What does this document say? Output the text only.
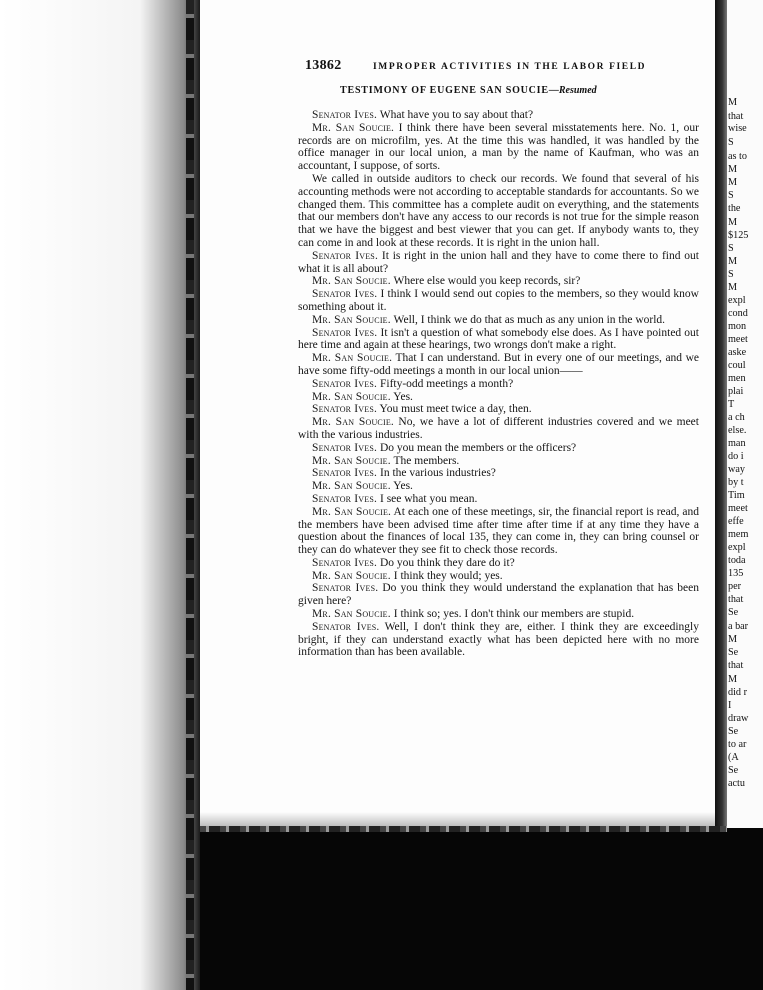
M
that
wise
S
as to
M
M
S
the
M
$125
S
M
S
M
expl
cond
mon
meet
aske
coul
men
plai
T
a ch
else.
man
do i
way
by t
Tim
meet
effe
mem
expl
toda
135
per
that
Se
a bar
M
Se
that
M
did r
I
draw
Se
to ar
(A
Se
actu
13862	IMPROPER ACTIVITIES IN THE LABOR FIELD
TESTIMONY OF EUGENE SAN SOUCIE—Resumed

Senator Ives. What have you to say about that?

Mr. San Soucie. I think there have been several misstatements here. No. 1, our records are on microfilm, yes. At the time this was handled, it was handled by the office manager in our local union, a man by the name of Kaufman, who was an accountant, I suppose, of sorts.

We called in outside auditors to check our records. We found that several of his accounting methods were not according to acceptable standards for accountants. So we changed them. This committee has a complete audit on everything, and the statements that our members don't have any access to our records is not true for the simple reason that we have the biggest and best viewer that you can get. If anybody wants to, they can come in and look at these records. It is right in the union hall.

Senator Ives. It is right in the union hall and they have to come there to find out what it is all about?

Mr. San Soucie. Where else would you keep records, sir?

Senator Ives. I think I would send out copies to the members, so they would know something about it.

Mr. San Soucie. Well, I think we do that as much as any union in the world.

Senator Ives. It isn't a question of what somebody else does. As I have pointed out here time and again at these hearings, two wrongs don't make a right.

Mr. San Soucie. That I can understand. But in every one of our meetings, and we have some fifty-odd meetings a month in our local union——

Senator Ives. Fifty-odd meetings a month?

Mr. San Soucie. Yes.

Senator Ives. You must meet twice a day, then.

Mr. San Soucie. No, we have a lot of different industries covered and we meet with the various industries.

Senator Ives. Do you mean the members or the officers?

Mr. San Soucie. The members.

Senator Ives. In the various industries?

Mr. San Soucie. Yes.

Senator Ives. I see what you mean.

Mr. San Soucie. At each one of these meetings, sir, the financial report is read, and the members have been advised time after time after time if at any time they have a question about the finances of local 135, they can come in, they can bring counsel or they can do whatever they see fit to check those records.

Senator Ives. Do you think they dare do it?

Mr. San Soucie. I think they would; yes.

Senator Ives. Do you think they would understand the explanation that has been given here?

Mr. San Soucie. I think so; yes. I don't think our members are stupid.

Senator Ives. Well, I don't think they are, either. I think they are exceedingly bright, if they can understand exactly what has been depicted here with no more information than has been available.
